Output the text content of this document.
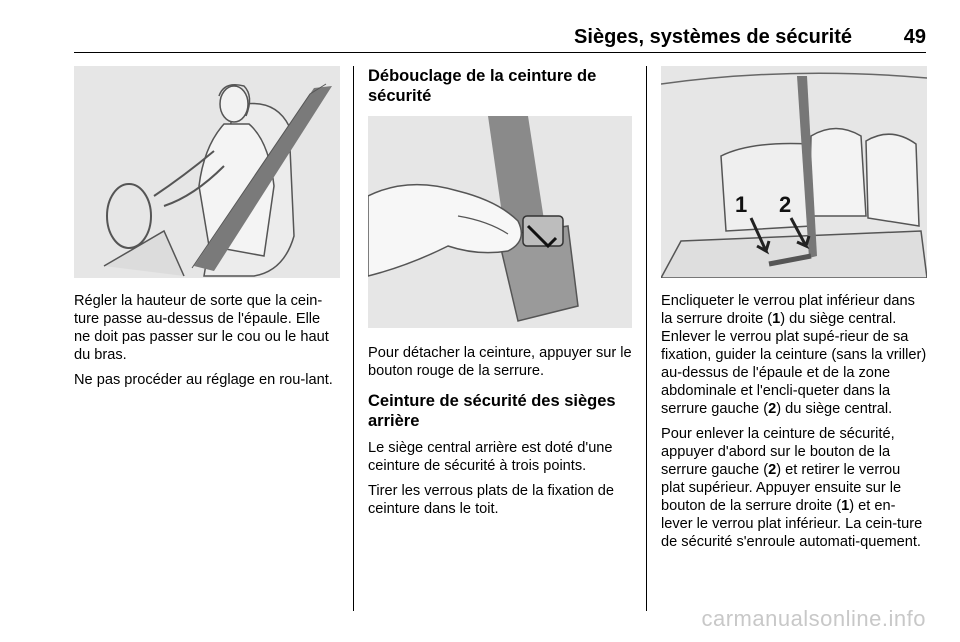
Sièges, systèmes de sécurité	49

Régler la hauteur de sorte que la cein-ture passe au-dessus de l'épaule. Elle ne doit pas passer sur le cou ou le haut du bras.

Ne pas procéder au réglage en rou-lant.

Débouclage de la ceinture de sécurité

Pour détacher la ceinture, appuyer sur le bouton rouge de la serrure.

Ceinture de sécurité des sièges arrière

Le siège central arrière est doté d'une ceinture de sécurité à trois points.

Tirer les verrous plats de la fixation de ceinture dans le toit.

1 2

Encliqueter le verrou plat inférieur dans la serrure droite (1) du siège central. Enlever le verrou plat supé-rieur de sa fixation, guider la ceinture (sans la vriller) au-dessus de l'épaule et de la zone abdominale et l'encli-queter dans la serrure gauche (2) du siège central.

Pour enlever la ceinture de sécurité, appuyer d'abord sur le bouton de la serrure gauche (2) et retirer le verrou plat supérieur. Appuyer ensuite sur le bouton de la serrure droite (1) et en-lever le verrou plat inférieur. La cein-ture de sécurité s'enroule automati-quement.

carmanualsonline.info
